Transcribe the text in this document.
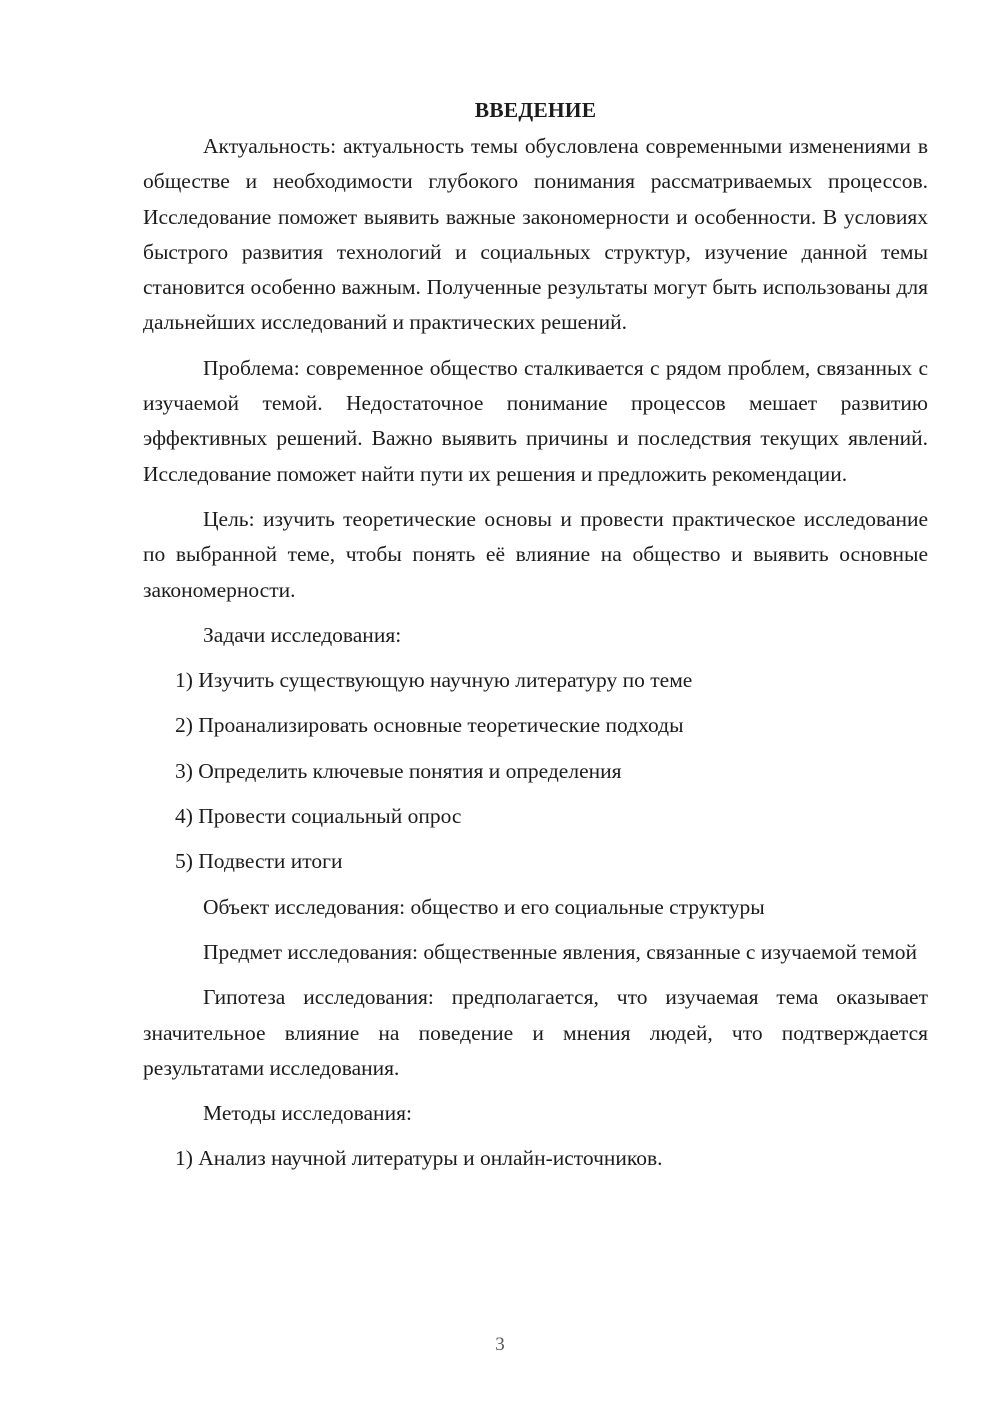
ВВЕДЕНИЕ

Актуальность: актуальность темы обусловлена современными изменениями в обществе и необходимости глубокого понимания рассматриваемых процессов. Исследование поможет выявить важные закономерности и особенности. В условиях быстрого развития технологий и социальных структур, изучение данной темы становится особенно важным. Полученные результаты могут быть использованы для дальнейших исследований и практических решений.

Проблема: современное общество сталкивается с рядом проблем, связанных с изучаемой темой. Недостаточное понимание процессов мешает развитию эффективных решений. Важно выявить причины и последствия текущих явлений. Исследование поможет найти пути их решения и предложить рекомендации.

Цель: изучить теоретические основы и провести практическое исследование по выбранной теме, чтобы понять её влияние на общество и выявить основные закономерности.

Задачи исследования:

1) Изучить существующую научную литературу по теме

2) Проанализировать основные теоретические подходы

3) Определить ключевые понятия и определения

4) Провести социальный опрос

5) Подвести итоги

Объект исследования: общество и его социальные структуры

Предмет исследования: общественные явления, связанные с изучаемой темой

Гипотеза исследования: предполагается, что изучаемая тема оказывает значительное влияние на поведение и мнения людей, что подтверждается результатами исследования.

Методы исследования:

1) Анализ научной литературы и онлайн-источников.

3
